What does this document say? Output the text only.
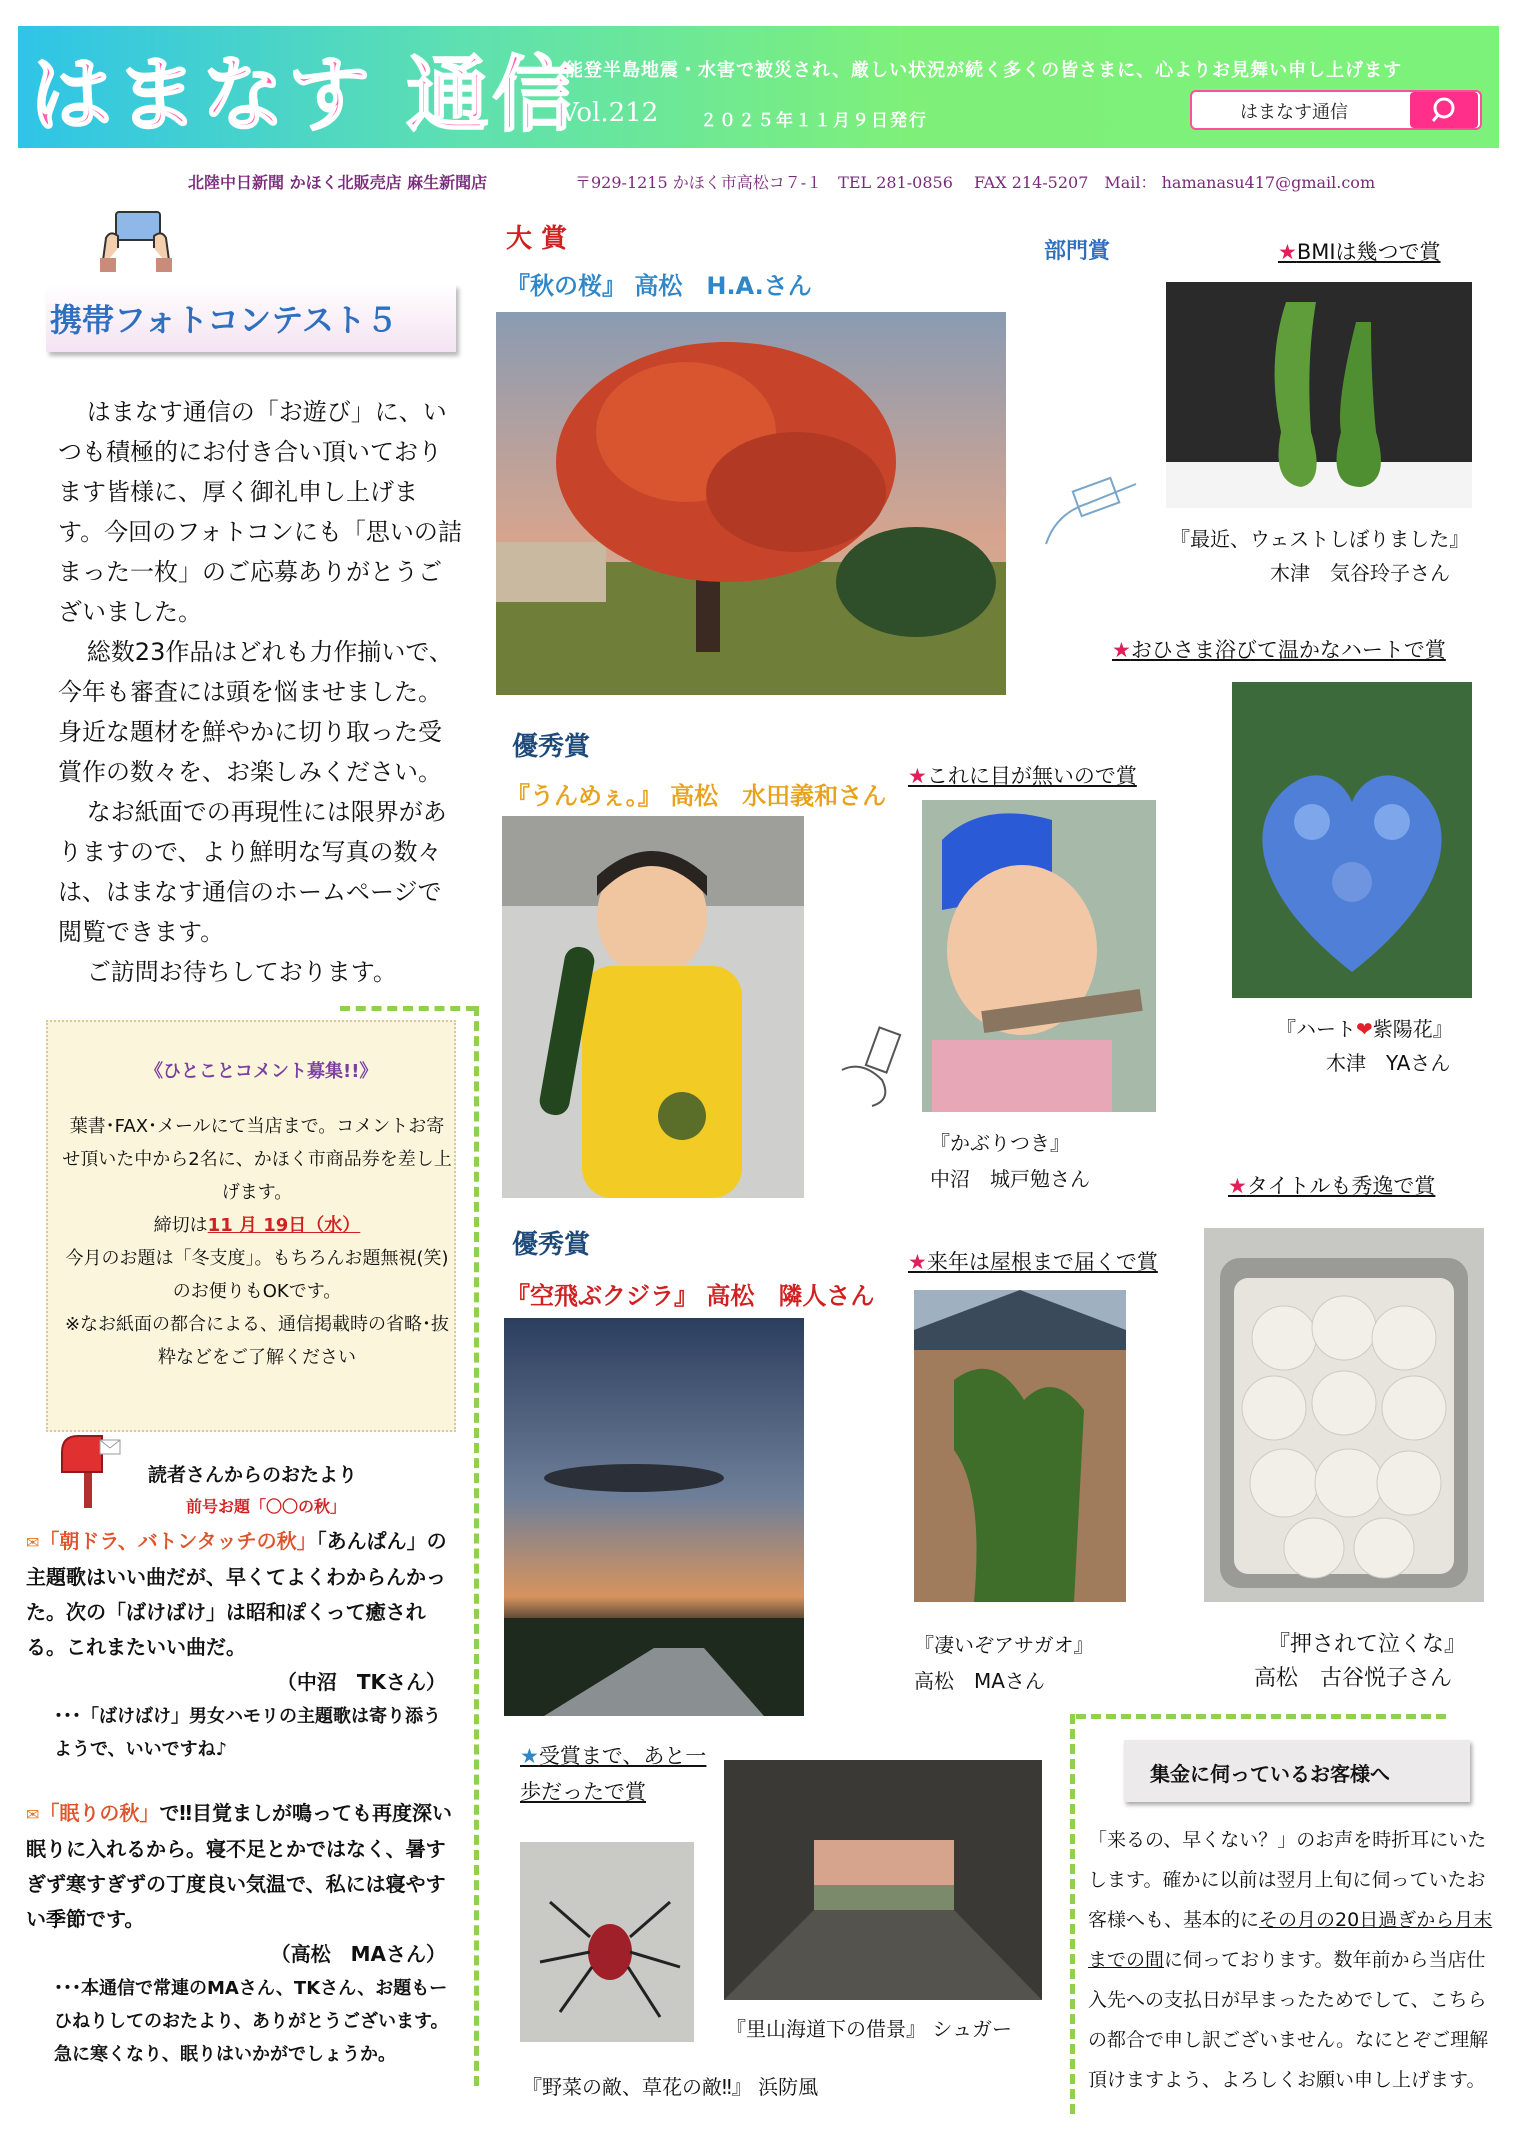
はまなす 通信
能登半島地震・水害で被災され、厳しい状況が続く多くの皆さまに、心よりお見舞い申し上げます
Vol.212 ２０２５年１１月９日発行	はまなす通信
北陸中日新聞 かほく北販売店 麻生新聞店	〒929-1215 かほく市高松コ７-１　TEL 281-0856　 FAX 214-5207　Mail： hamanasu417@gmail.com
携帯フォトコンテスト５

はまなす通信の「お遊び」に、いつも積極的にお付き合い頂いております皆様に、厚く御礼申し上げます。今回のフォトコンにも「思いの詰まった一枚」のご応募ありがとうございました。

総数23作品はどれも力作揃いで、今年も審査には頭を悩ませました。身近な題材を鮮やかに切り取った受賞作の数々を、お楽しみください。

なお紙面での再現性には限界がありますので、より鮮明な写真の数々は、はまなす通信のホームページで閲覧できます。

ご訪問お待ちしております。

《ひとことコメント募集!!》
葉書･FAX･メールにて当店まで。コメントお寄せ頂いた中から2名に、かほく市商品券を差し上げます。
締切は11 月 19日（水）
今月のお題は「冬支度」。もちろんお題無視(笑)のお便りもOKです。
※なお紙面の都合による、通信掲載時の省略･抜粋などをご了解ください
読者さんからのおたより
前号お題「〇〇の秋」
✉「朝ドラ、バトンタッチの秋」「あんぱん」の主題歌はいい曲だが、早くてよくわからんかった。次の「ばけばけ」は昭和ぽくって癒される。これまたいい曲だ。
（中沼　TKさん）
･･･「ばけばけ」男女ハモリの主題歌は寄り添うようで、いいですね♪
✉「眠りの秋」で‼目覚ましが鳴っても再度深い眠りに入れるから。寝不足とかではなく、暑すぎず寒すぎずの丁度良い気温で、私には寝やすい季節です。
（高松　MAさん）
･･･本通信で常連のMAさん、TKさん、お題もー ひねりしてのおたより、ありがとうございます。急に寒くなり、眠りはいかがでしょうか。
大 賞
『秋の桜』 高松　H.A.さん
優秀賞
『うんめぇ。』 高松　水田義和さん
優秀賞
『空飛ぶクジラ』 高松　隣人さん
部門賞	★BMIは幾つで賞
『最近、ウェストしぼりました』
木津　気谷玲子さん
★おひさま浴びて温かなハートで賞
『ハート❤紫陽花』
木津　YAさん
★これに目が無いので賞
『かぶりつき』
中沼　城戸勉さん	★タイトルも秀逸で賞
『押されて泣くな』
高松　古谷悦子さん
★来年は屋根まで届くで賞
『凄いぞアサガオ』
高松　MAさん
★受賞まで、あと一歩だったで賞
『里山海道下の借景』 シュガー
『野菜の敵、草花の敵‼』 浜防風
集金に伺っているお客様へ
「来るの、早くない？」のお声を時折耳にいたします。確かに以前は翌月上旬に伺っていたお客様へも、基本的にその月の20日過ぎから月末までの間に伺っております。数年前から当店仕入先への支払日が早まったためでして、こちらの都合で申し訳ございません。なにとぞご理解頂けますよう、よろしくお願い申し上げます。
